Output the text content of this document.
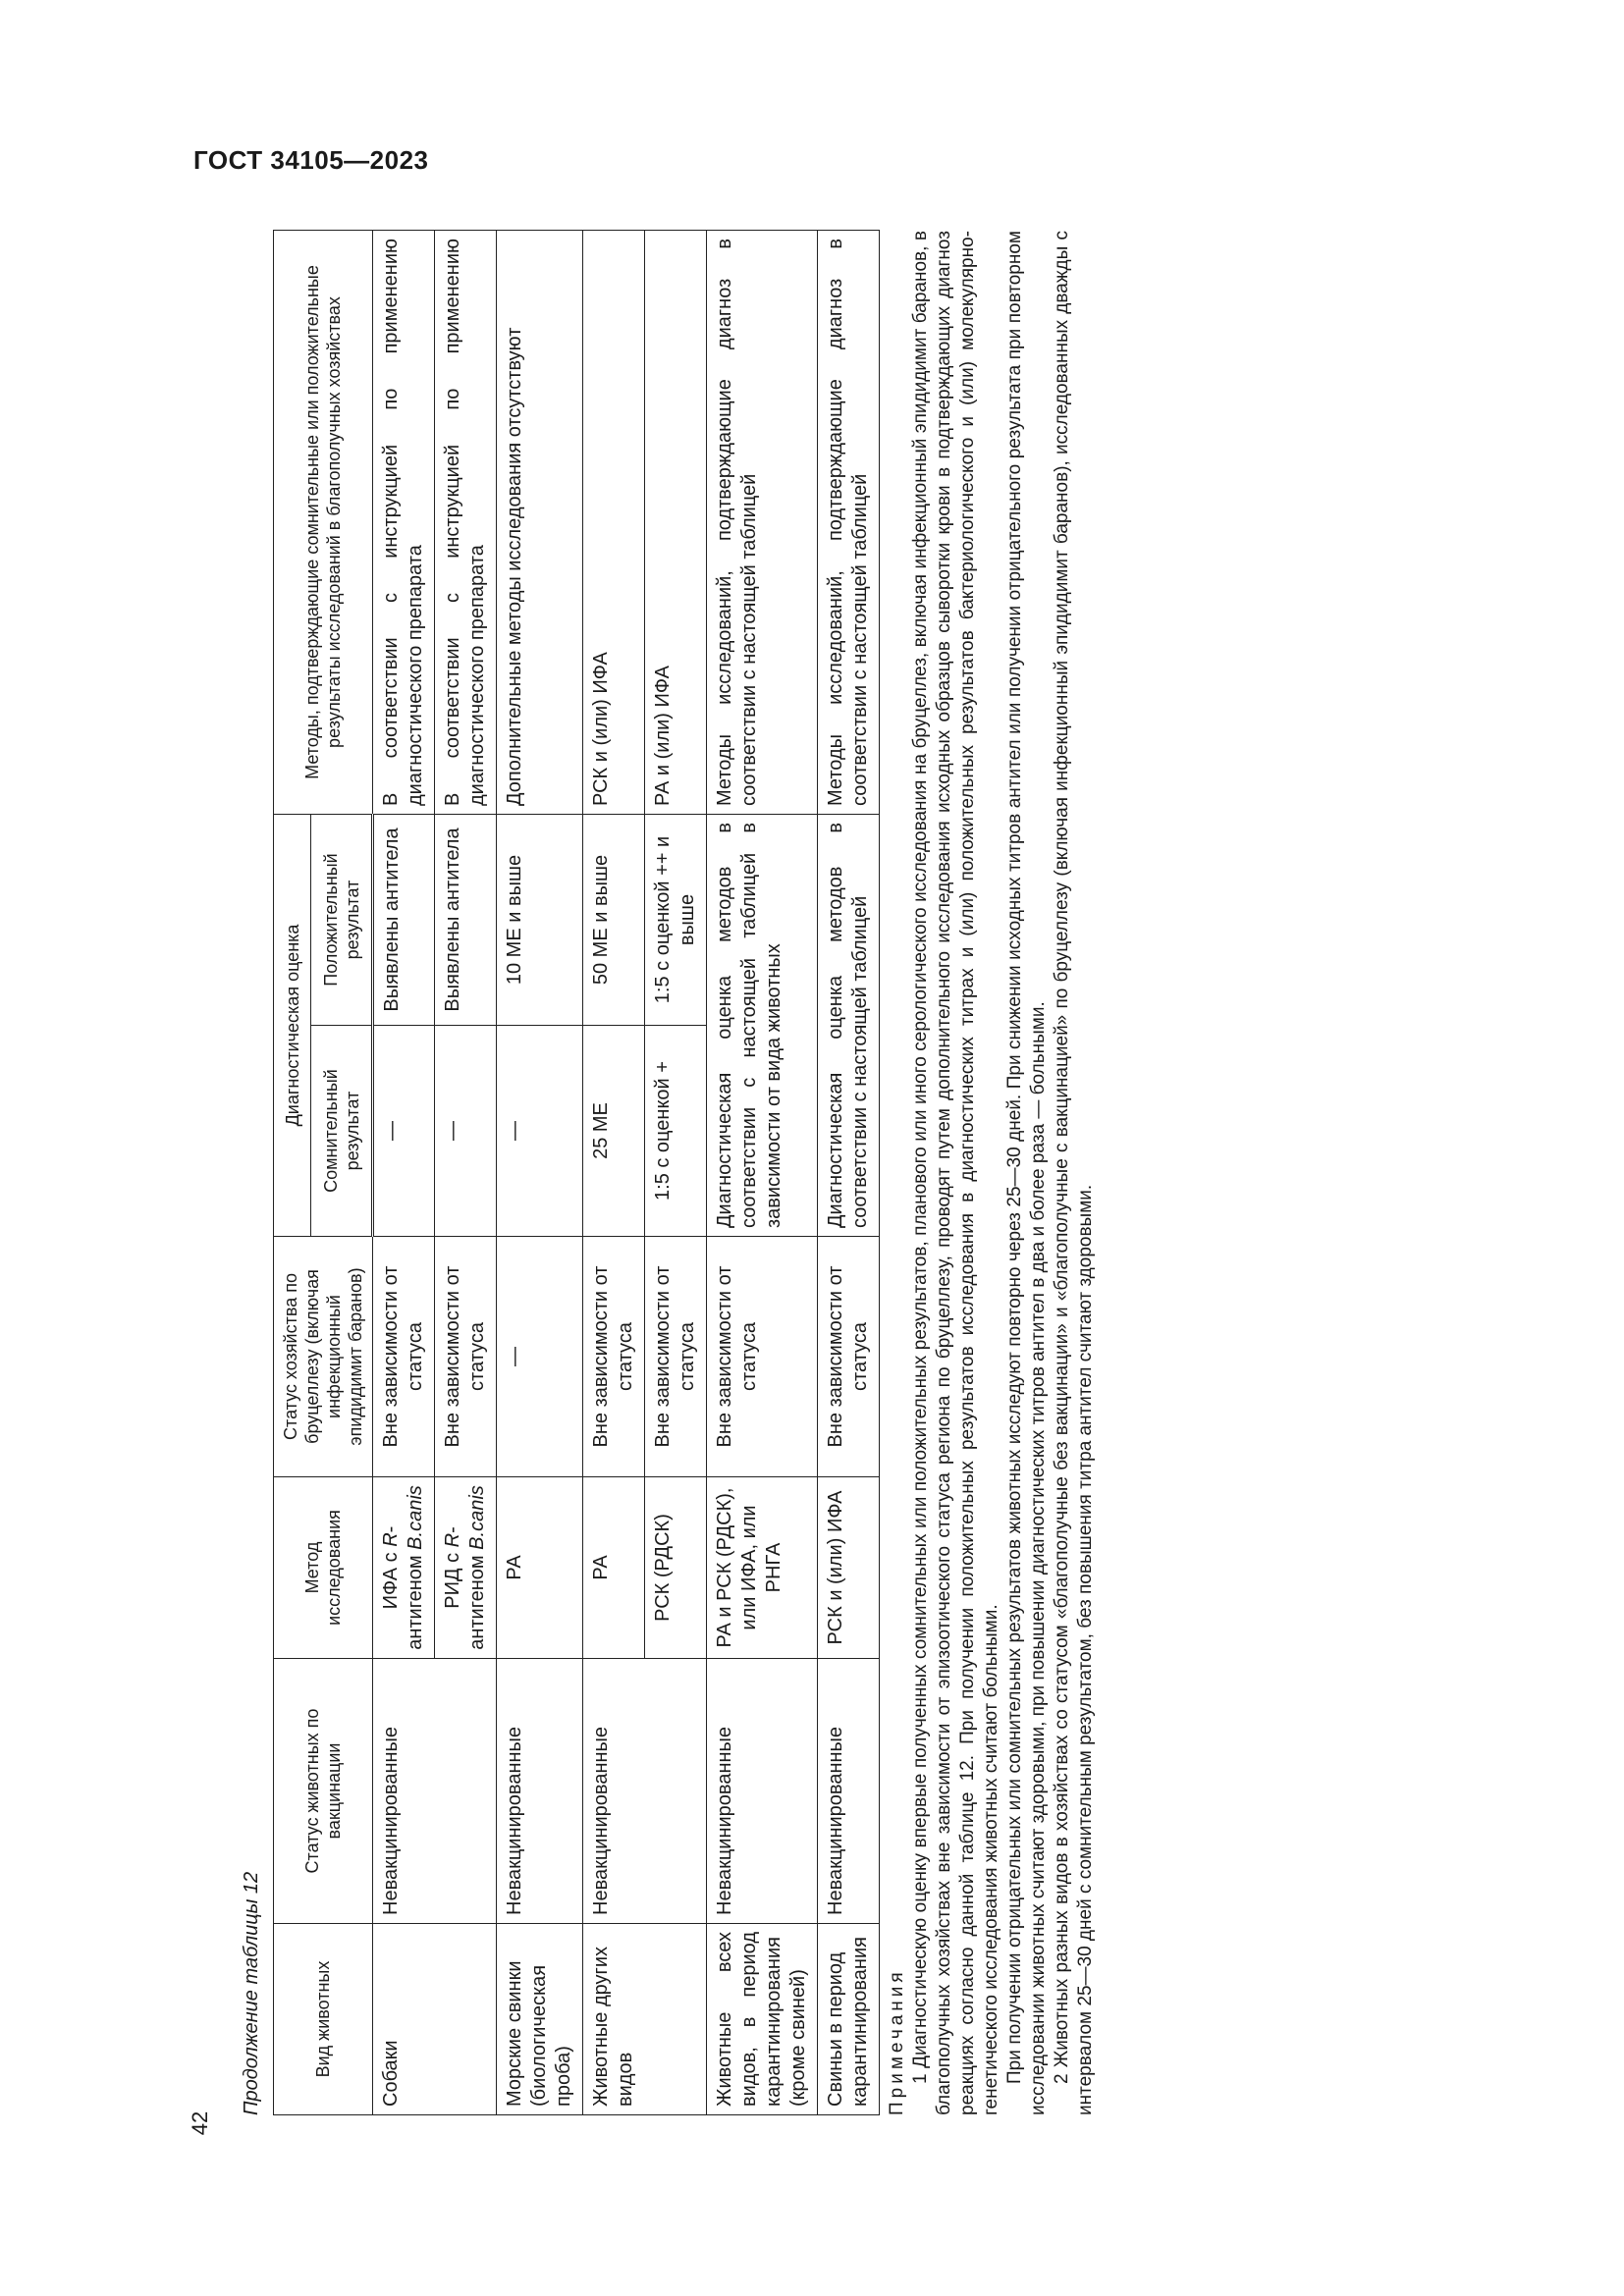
ГОСТ 34105—2023
42
Продолжение таблицы 12	Вид животных	Статус животных по вакцинации	Метод исследования	Статус хозяйства по бруцеллезу (включая инфекционный эпидидимит баранов)	Диагностическая оценка		Методы, подтверждающие сомнительные или положительные результаты исследований в благополучных хозяйствах
				Сомнительный результат	Положительный результат	
Собаки	Невакцинированные	ИФА с R-антигеном B.canis	Вне зависимости от статуса	—	Выявлены антитела	В соответствии с инструкцией по применению диагностического препарата
		РИД с R-антигеном B.canis	Вне зависимости от статуса	—	Выявлены антитела	В соответствии с инструкцией по применению диагностического препарата
Морские свинки (биологическая проба)	Невакцинированные	РА	—	—	10 МЕ и выше	Дополнительные методы исследования отсутствуют
Животные других видов	Невакцинированные	РА	Вне зависимости от статуса	25 МЕ	50 МЕ и выше	РСК и (или) ИФА
		РСК (РДСК)	Вне зависимости от статуса	1:5 с оценкой +	1:5 с оценкой ++ и выше	РА и (или) ИФА
Животные всех видов, в период карантинирования (кроме свиней)	Невакцинированные	РА и РСК (РДСК), или ИФА, или РНГА	Вне зависимости от статуса	Диагностическая оценка методов в соответствии с настоящей таблицей в зависимости от вида животных		Методы исследований, подтверждающие диагноз в соответствии с настоящей таблицей
Свиньи в период карантинирования	Невакцинированные	РСК и (или) ИФА	Вне зависимости от статуса	Диагностическая оценка методов в соответствии с настоящей таблицей		Методы исследований, подтверждающие диагноз в соответствии с настоящей таблицей

Примечания 1 Диагностическую оценку впервые полученных сомнительных или положительных результатов, планового или иного серологического исследования на бруцеллез, включая инфекционный эпидидимит баранов, в благополучных хозяйствах вне зависимости от эпизоотического статуса региона по бруцеллезу, проводят путем дополнительного исследования исходных образцов сыворотки крови в подтверждающих диагноз реакциях согласно данной таблице 12. При получении положительных результатов исследования в диагностических титрах и (или) положительных результатов бактериологического и (или) молекулярно-генетического исследования животных считают больными. При получении отрицательных или сомнительных результатов животных исследуют повторно через 25—30 дней. При снижении исходных титров антител или получении отрицательного результата при повторном исследовании животных считают здоровыми, при повышении диагностических титров антител в два и более раза — больными. 2 Животных разных видов в хозяйствах со статусом «благополучные без вакцинации» и «благополучные с вакцинацией» по бруцеллезу (включая инфекционный эпидидимит баранов), исследованных дважды с интервалом 25—30 дней с сомнительным результатом, без повышения титра антител считают здоровыми.
